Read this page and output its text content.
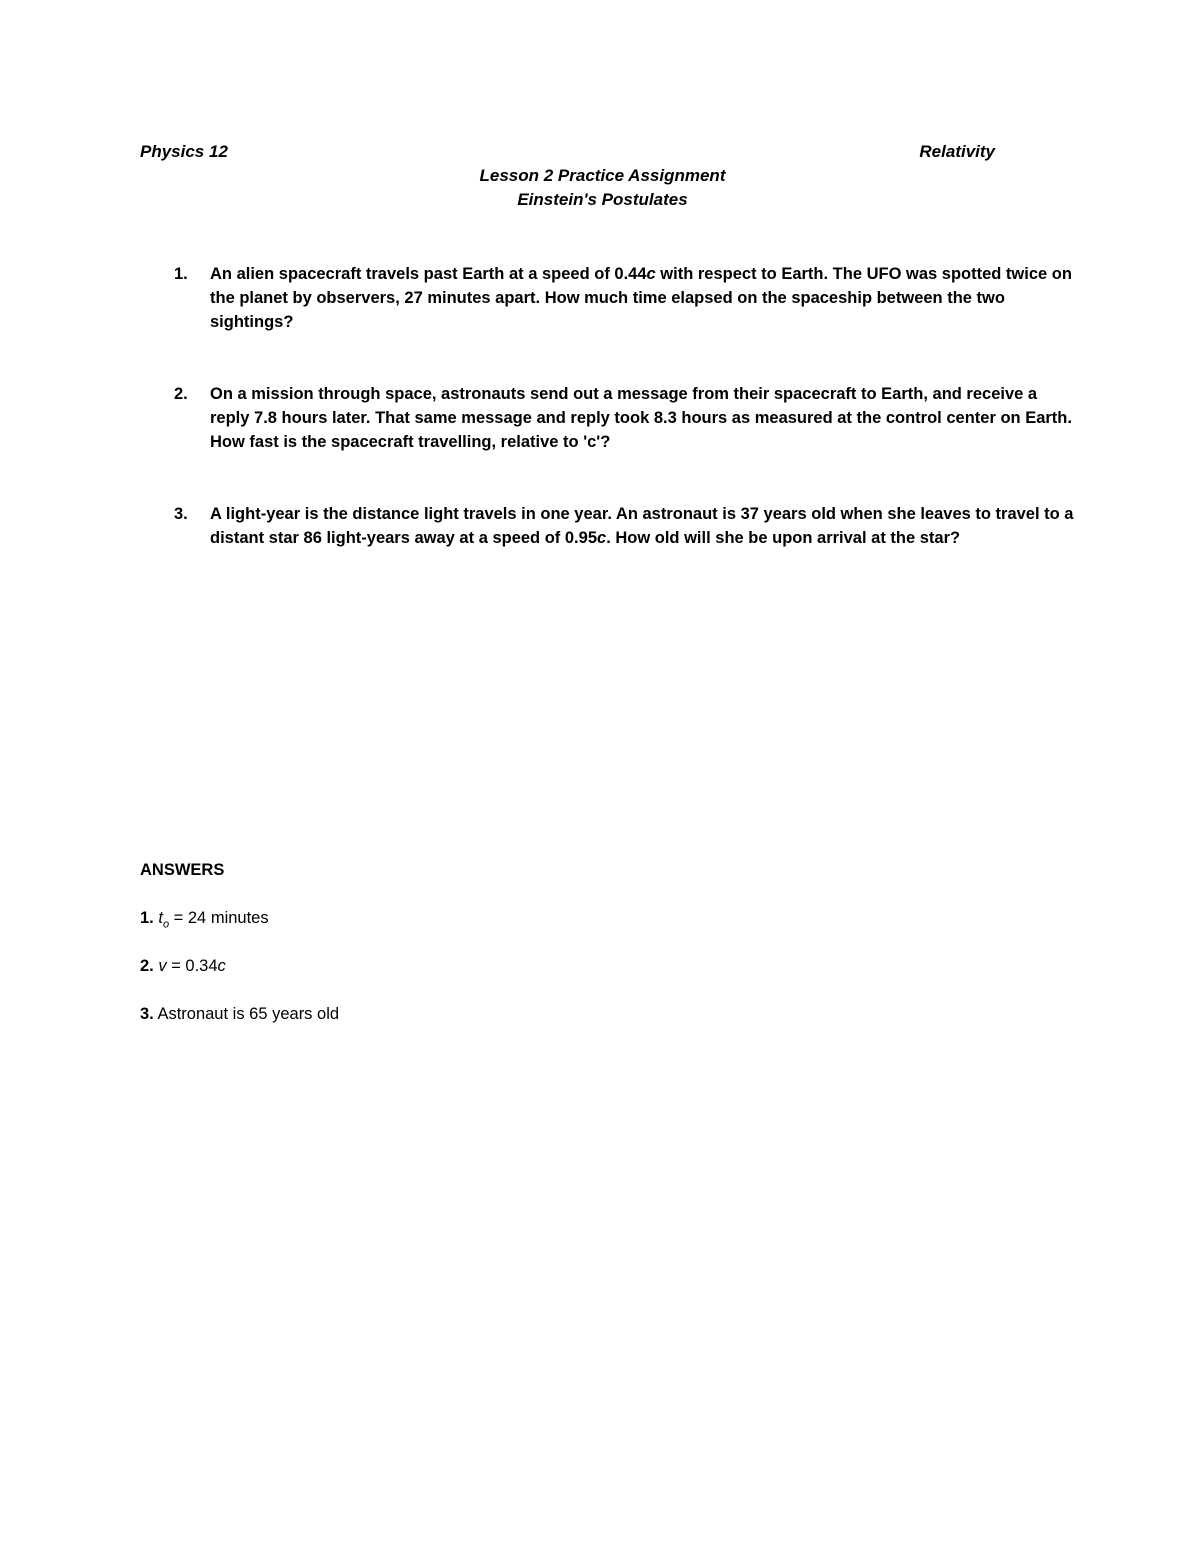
Physics 12	Relativity
Lesson 2 Practice Assignment
Einstein's Postulates
1.	An alien spacecraft travels past Earth at a speed of 0.44c with respect to Earth. The UFO was spotted twice on the planet by observers, 27 minutes apart. How much time elapsed on the spaceship between the two sightings?
2.	On a mission through space, astronauts send out a message from their spacecraft to Earth, and receive a reply 7.8 hours later. That same message and reply took 8.3 hours as measured at the control center on Earth. How fast is the spacecraft travelling, relative to 'c'?
3.	A light-year is the distance light travels in one year. An astronaut is 37 years old when she leaves to travel to a distant star 86 light-years away at a speed of 0.95c. How old will she be upon arrival at the star?
ANSWERS
1. $t_o = 24$ minutes
2. v = 0.34c
3. Astronaut is 65 years old
